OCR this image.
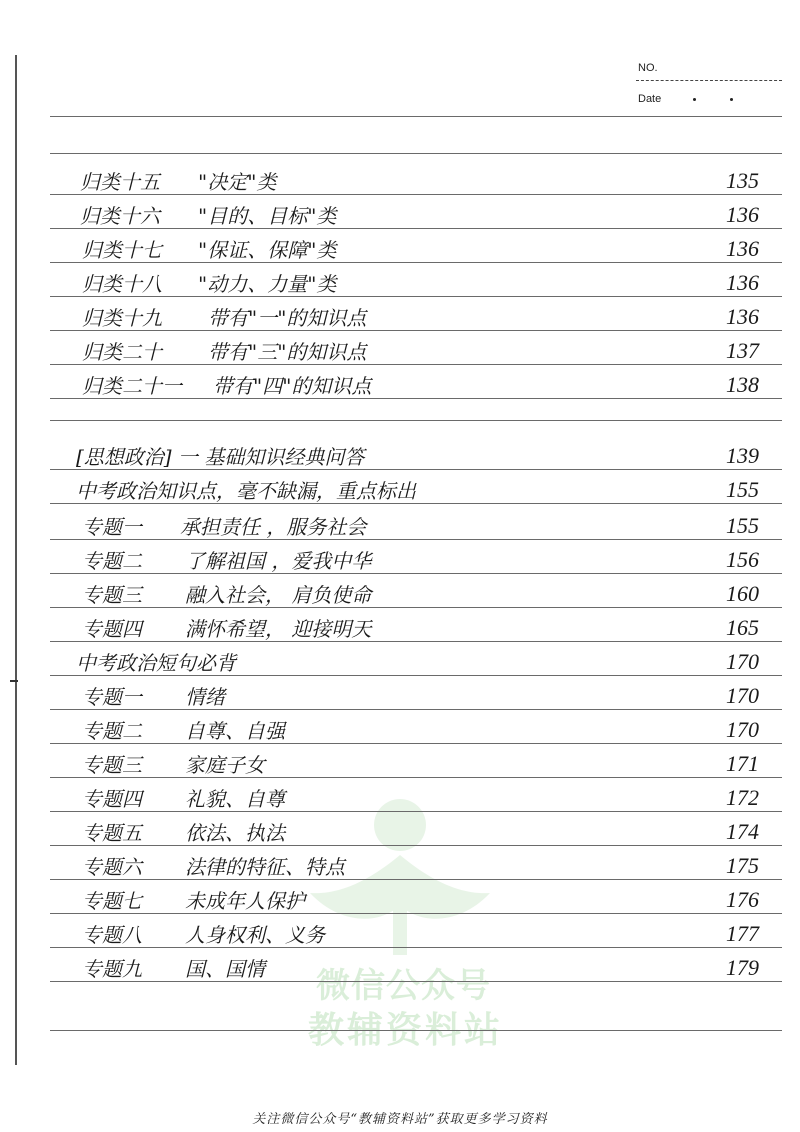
NO.
Date
微信公众号
教辅资料站
归类十五 "决定"类	135
归类十六 "目的、目标"类	136
归类十七 "保证、保障"类	136
归类十八 "动力、力量"类	136
归类十九 带有"一"的知识点	136
归类二十 带有"三"的知识点	137
归类二十一 带有"四"的知识点	138
[思想政治] 一 基础知识经典问答	139
中考政治知识点，毫不缺漏，重点标出	155
专题一 承担责任 ，服务社会	155
专题二 了解祖国 ，爱我中华	156
专题三 融入社会， 肩负使命	160
专题四 满怀希望， 迎接明天	165
中考政治短句必背	170
专题一 情绪	170
专题二 自尊、自强	170
专题三 家庭子女	171
专题四 礼貌、自尊	172
专题五 依法、执法	174
专题六 法律的特征、特点	175
专题七 未成年人保护	176
专题八 人身权利、义务	177
专题九 国、国情	179
关注微信公众号“教辅资料站”获取更多学习资料
